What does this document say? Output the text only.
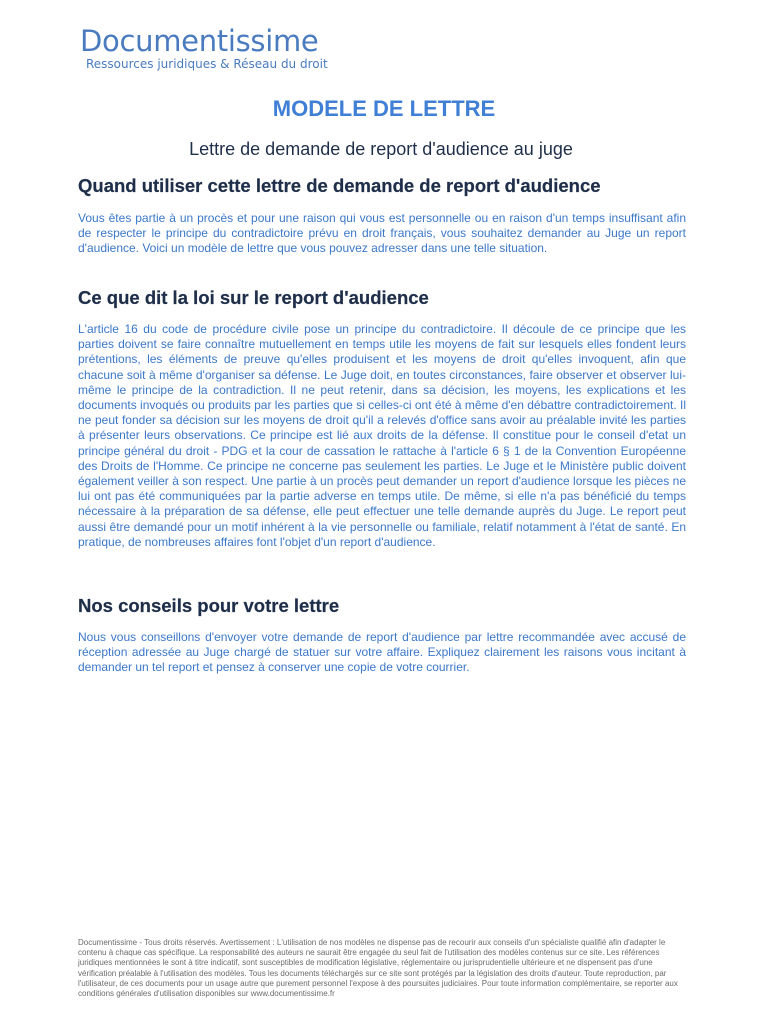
Documentissime
Ressources juridiques & Réseau du droit
MODELE DE LETTRE
Lettre de demande de report d'audience au juge
Quand utiliser cette lettre de demande de report d'audience

Vous êtes partie à un procès et pour une raison qui vous est personnelle ou en raison d'un temps insuffisant afin de respecter le principe du contradictoire prévu en droit français, vous souhaitez demander au Juge un report d'audience. Voici un modèle de lettre que vous pouvez adresser dans une telle situation.

Ce que dit la loi sur le report d'audience

L'article 16 du code de procédure civile pose un principe du contradictoire. Il découle de ce principe que les parties doivent se faire connaître mutuellement en temps utile les moyens de fait sur lesquels elles fondent leurs prétentions, les éléments de preuve qu'elles produisent et les moyens de droit qu'elles invoquent, afin que chacune soit à même d'organiser sa défense. Le Juge doit, en toutes circonstances, faire observer et observer lui-même le principe de la contradiction. Il ne peut retenir, dans sa décision, les moyens, les explications et les documents invoqués ou produits par les parties que si celles-ci ont été à même d'en débattre contradictoirement. Il ne peut fonder sa décision sur les moyens de droit qu'il a relevés d'office sans avoir au préalable invité les parties à présenter leurs observations. Ce principe est lié aux droits de la défense. Il constitue pour le conseil d'etat un principe général du droit - PDG et la cour de cassation le rattache à l'article 6 § 1 de la Convention Européenne des Droits de l'Homme. Ce principe ne concerne pas seulement les parties. Le Juge et le Ministère public doivent également veiller à son respect. Une partie à un procès peut demander un report d'audience lorsque les pièces ne lui ont pas été communiquées par la partie adverse en temps utile. De même, si elle n'a pas bénéficié du temps nécessaire à la préparation de sa défense, elle peut effectuer une telle demande auprès du Juge. Le report peut aussi être demandé pour un motif inhérent à la vie personnelle ou familiale, relatif notamment à l'état de santé. En pratique, de nombreuses affaires font l'objet d'un report d'audience.

Nos conseils pour votre lettre

Nous vous conseillons d'envoyer votre demande de report d'audience par lettre recommandée avec accusé de réception adressée au Juge chargé de statuer sur votre affaire. Expliquez clairement les raisons vous incitant à demander un tel report et pensez à conserver une copie de votre courrier.

Documentissime - Tous droits réservés. Avertissement : L'utilisation de nos modèles ne dispense pas de recourir aux conseils d'un spécialiste qualifié afin d'adapter le contenu à chaque cas spécifique. La responsabilité des auteurs ne saurait être engagée du seul fait de l'utilisation des modèles contenus sur ce site. Les références juridiques mentionnées le sont à titre indicatif, sont susceptibles de modification législative, réglementaire ou jurisprudentielle ultérieure et ne dispensent pas d'une vérification préalable à l'utilisation des modèles. Tous les documents téléchargés sur ce site sont protégés par la législation des droits d'auteur. Toute reproduction, par l'utilisateur, de ces documents pour un usage autre que purement personnel l'expose à des poursuites judiciaires. Pour toute information complémentaire, se reporter aux conditions générales d'utilisation disponibles sur www.documentissime.fr
